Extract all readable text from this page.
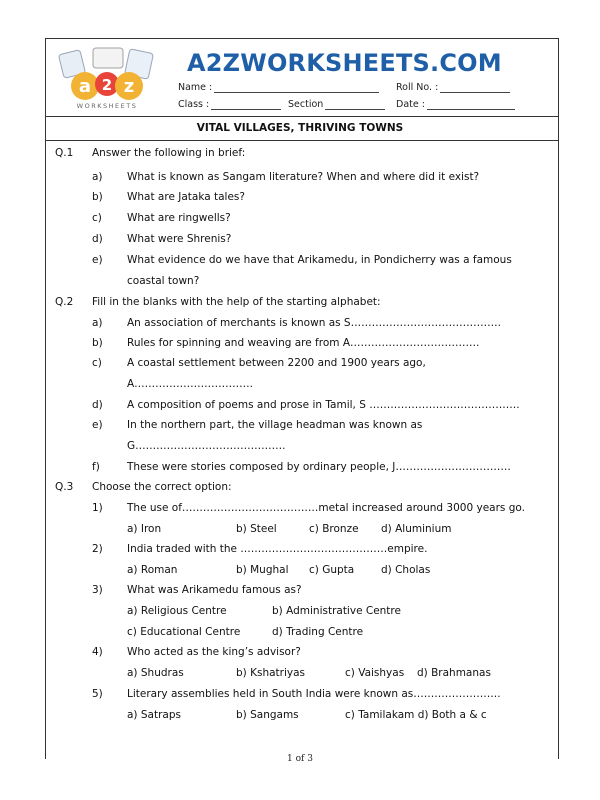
a 2 z
WORKSHEETS
A2ZWORKSHEETS.COM
Name :	Roll No. :
Class :	Section	Date :
VITAL VILLAGES, THRIVING TOWNS
Q.1 Answer the following in brief:
a) What is known as Sangam literature? When and where did it exist?
b) What are Jataka tales?
c) What are ringwells?
d) What were Shrenis?
e) What evidence do we have that Arikamedu, in Pondicherry was a famous
coastal town?
Q.2 Fill in the blanks with the help of the starting alphabet:
a) An association of merchants is known as S…………………………………….
b) Rules for spinning and weaving are from A……………………………….
c) A coastal settlement between 2200 and 1900 years ago,
A…………………………….
d) A composition of poems and prose in Tamil, S …………………………………….
e) In the northern part, the village headman was known as
G…………………………………….
f)	These were stories composed by ordinary people, J……………………………
Q.3 Choose the correct option:
1) The use of…………………………………metal increased around 3000 years go.
a) Iron	b) Steel	c) Bronze d) Aluminium
2) India traded with the ……………………………………empire.
a) Roman	b) Mughal c) Gupta	d) Cholas
3) What was Arikamedu famous as?
a) Religious Centre	b) Administrative Centre
c) Educational Centre	d) Trading Centre
4) Who acted as the king’s advisor?
a) Shudras	b) Kshatriyas	c) Vaishyas d) Brahmanas
5) Literary assemblies held in South India were known as…………………….
a) Satraps	b) Sangams	c) Tamilakam d) Both a & c
1 of 3
